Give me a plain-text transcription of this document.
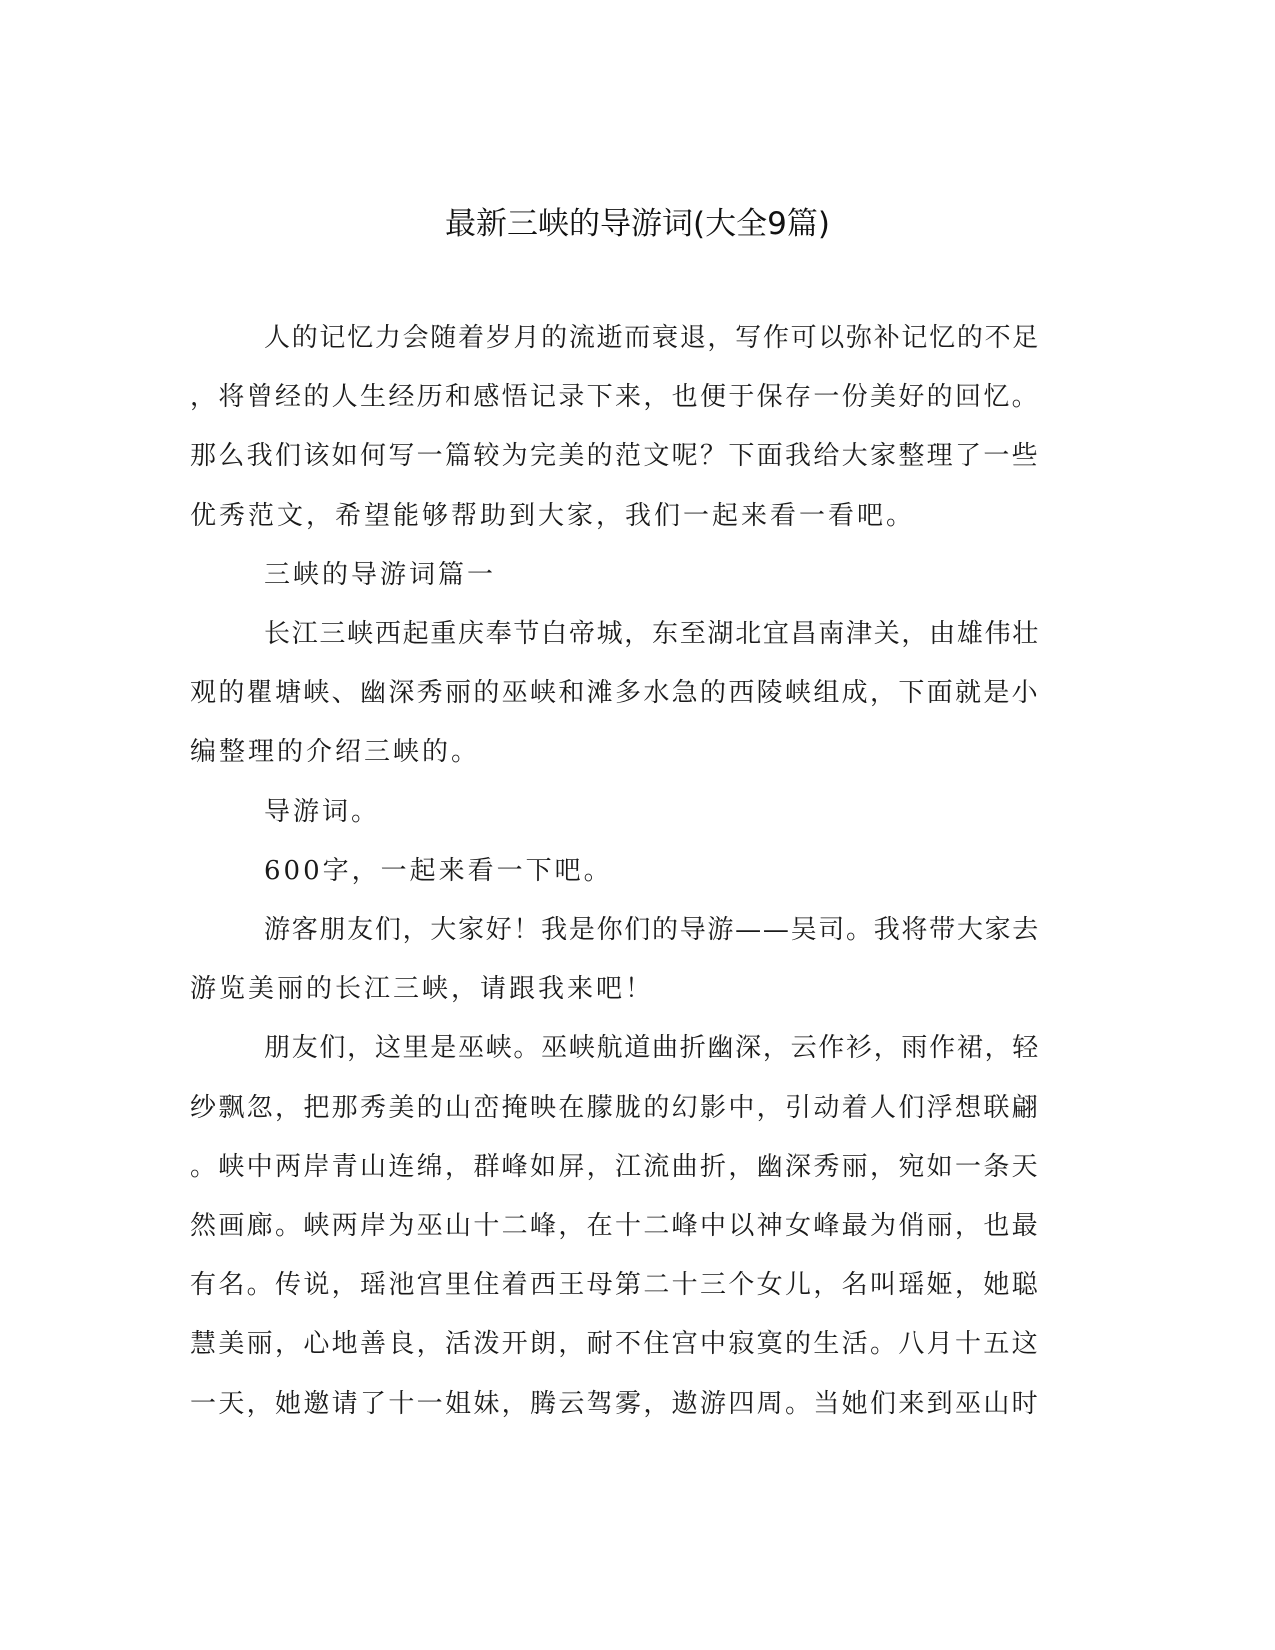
最新三峡的导游词(大全9篇)
人的记忆力会随着岁月的流逝而衰退，写作可以弥补记忆的不足
，将曾经的人生经历和感悟记录下来，也便于保存一份美好的回忆。
那么我们该如何写一篇较为完美的范文呢？下面我给大家整理了一些
优秀范文，希望能够帮助到大家，我们一起来看一看吧。
三峡的导游词篇一
长江三峡西起重庆奉节白帝城，东至湖北宜昌南津关，由雄伟壮
观的瞿塘峡、幽深秀丽的巫峡和滩多水急的西陵峡组成，下面就是小
编整理的介绍三峡的。
导游词。
600字，一起来看一下吧。
游客朋友们，大家好！我是你们的导游——吴司。我将带大家去
游览美丽的长江三峡，请跟我来吧！
朋友们，这里是巫峡。巫峡航道曲折幽深，云作衫，雨作裙，轻
纱飘忽，把那秀美的山峦掩映在朦胧的幻影中，引动着人们浮想联翩
。峡中两岸青山连绵，群峰如屏，江流曲折，幽深秀丽，宛如一条天
然画廊。峡两岸为巫山十二峰，在十二峰中以神女峰最为俏丽，也最
有名。传说，瑶池宫里住着西王母第二十三个女儿，名叫瑶姬，她聪
慧美丽，心地善良，活泼开朗，耐不住宫中寂寞的生活。八月十五这
一天，她邀请了十一姐妹，腾云驾雾，遨游四周。当她们来到巫山时
